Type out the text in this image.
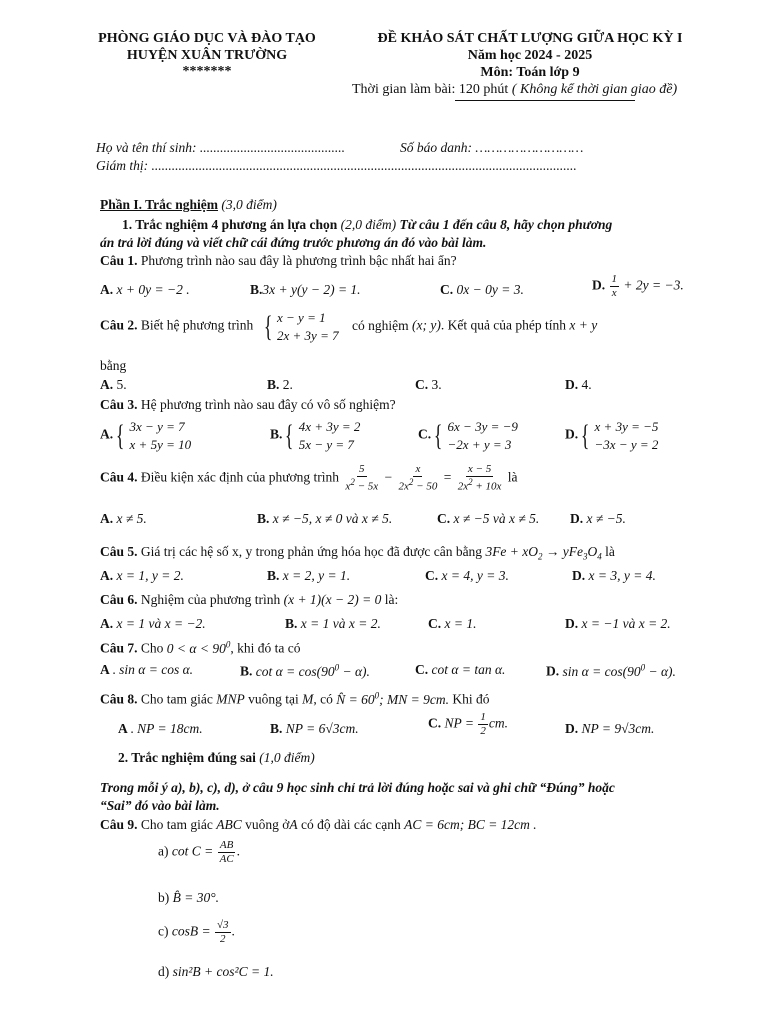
PHÒNG GIÁO DỤC VÀ ĐÀO TẠO
HUYỆN XUÂN TRƯỜNG
*******
ĐỀ KHẢO SÁT CHẤT LƯỢNG GIỮA HỌC KỲ I
Năm học 2024 - 2025
Môn: Toán lớp 9
Thời gian làm bài: 120 phút ( Không kể thời gian giao đề)
Họ và tên thí sinh: ...........................................	Số báo danh: ………………………
Giám thị: ..............................................................................................................................
Phần I. Trắc nghiệm (3,0 điểm)
1. Trắc nghiệm 4 phương án lựa chọn (2,0 điểm) Từ câu 1 đến câu 8, hãy chọn phương
án trả lời đúng và viết chữ cái đứng trước phương án đó vào bài làm.
Câu 1. Phương trình nào sau đây là phương trình bậc nhất hai ẩn?
A. x + 0y = −2 .	B.3x + y(y − 2) = 1.	C. 0x − 0y = 3.	D. $\frac{1}{x} + 2y = -3$.
Câu 2. Biết hệ phương trình { x − y = 1
2x + 3y = 7
có nghiệm (x; y). Kết quả của phép tính x + y
bằng
A. 5.	B. 2.	C. 3.	D. 4.
Câu 3. Hệ phương trình nào sau đây có vô số nghiệm?
A. { 3x − y = 7
x + 5y = 10
B. { 4x + 3y = 2
5x − y = 7
C. { 6x − 3y = −9
−2x + y = 3
D. { x + 3y = −5
−3x − y = 2
Câu 4. Điều kiện xác định của phương trình $\frac{5}{x^2 - 5x} - \frac{x}{2x^2 - 50} = \frac{x - 5}{2x^2 + 10x}$ là
A. x ≠ 5.	B. x ≠ −5, x ≠ 0 và x ≠ 5.	C. x ≠ −5 và x ≠ 5. D. x ≠ −5.
Câu 5. Giá trị các hệ số x, y trong phản ứng hóa học đã được cân bằng $3Fe + xO_2 \to yFe_3O_4$ là
A. x = 1, y = 2.	B. x = 2, y = 1.	C. x = 4, y = 3.	D. x = 3, y = 4.
Câu 6. Nghiệm của phương trình (x + 1)(x − 2) = 0 là:
A. x = 1 và x = −2.	B. x = 1 và x = 2.	C. x = 1.	D. x = −1 và x = 2.
Câu 7. Cho $0 < \alpha < 90^0$, khi đó ta có
A . sin α = cos α.	B. $\cot \alpha = \cos(90^0 - \alpha)$.	C. cot α = tan α.	D. $\sin \alpha = \cos(90^0 - \alpha)$.
Câu 8. Cho tam giác MNP vuông tại M, có N̂ = $60^0$; MN = 9cm. Khi đó
A . NP = 18cm.	B. NP = 6√3cm.	C. NP = $\frac{1}{2}$ cm.	D. NP = 9√3cm.
2. Trắc nghiệm đúng sai (1,0 điểm)
Trong mỗi ý a), b), c), d), ở câu 9 học sinh chỉ trả lời đúng hoặc sai và ghi chữ “Đúng” hoặc
“Sai” đó vào bài làm.
Câu 9. Cho tam giác ABC vuông ởA có độ dài các cạnh AC = 6cm; BC = 12cm .
a) $\cot C = \frac{AB}{AC}$ .
b) B̂ = 30°.
c) $\cos B = \frac{√3}{2}$ .
d) sin²B + cos²C = 1.
